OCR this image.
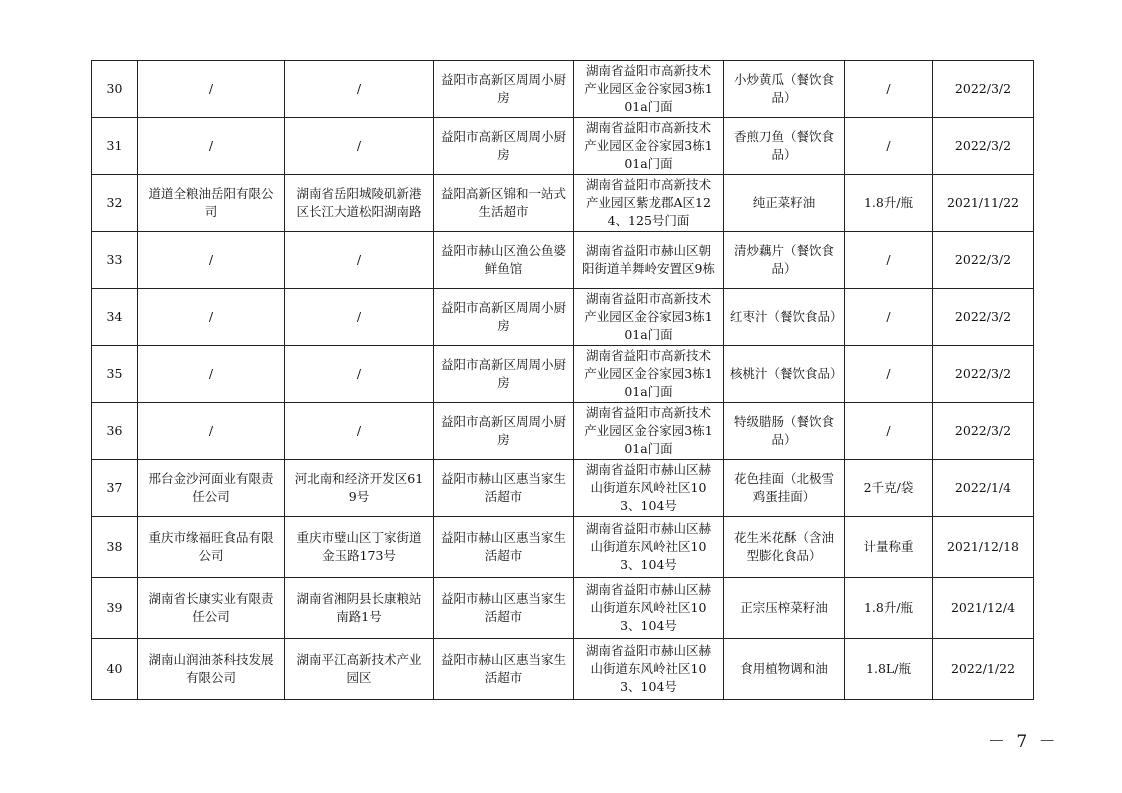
30	/	/	益阳市高新区周周小厨房	湖南省益阳市高新技术产业园区金谷家园3栋101a门面	小炒黄瓜（餐饮食品）	/	2022/3/2
31	/	/	益阳市高新区周周小厨房	湖南省益阳市高新技术产业园区金谷家园3栋101a门面	香煎刀鱼（餐饮食品）	/	2022/3/2
32	道道全粮油岳阳有限公司	湖南省岳阳城陵矶新港区长江大道松阳湖南路	益阳高新区锦和一站式生活超市	湖南省益阳市高新技术产业园区紫龙郡A区124、125号门面	纯正菜籽油	1.8升/瓶	2021/11/22
33	/	/	益阳市赫山区渔公鱼婆鲜鱼馆	湖南省益阳市赫山区朝阳街道羊舞岭安置区9栋	清炒藕片（餐饮食品）	/	2022/3/2
34	/	/	益阳市高新区周周小厨房	湖南省益阳市高新技术产业园区金谷家园3栋101a门面	红枣汁（餐饮食品）	/	2022/3/2
35	/	/	益阳市高新区周周小厨房	湖南省益阳市高新技术产业园区金谷家园3栋101a门面	核桃汁（餐饮食品）	/	2022/3/2
36	/	/	益阳市高新区周周小厨房	湖南省益阳市高新技术产业园区金谷家园3栋101a门面	特级腊肠（餐饮食品）	/	2022/3/2
37	邢台金沙河面业有限责任公司	河北南和经济开发区619号	益阳市赫山区惠当家生活超市	湖南省益阳市赫山区赫山街道东风岭社区103、104号	花色挂面（北极雪鸡蛋挂面）	2千克/袋	2022/1/4
38	重庆市缘福旺食品有限公司	重庆市璧山区丁家街道金玉路173号	益阳市赫山区惠当家生活超市	湖南省益阳市赫山区赫山街道东风岭社区103、104号	花生米花酥（含油型膨化食品）	计量称重	2021/12/18
39	湖南省长康实业有限责任公司	湖南省湘阴县长康粮站南路1号	益阳市赫山区惠当家生活超市	湖南省益阳市赫山区赫山街道东风岭社区103、104号	正宗压榨菜籽油	1.8升/瓶	2021/12/4
40	湖南山润油茶科技发展有限公司	湖南平江高新技术产业园区	益阳市赫山区惠当家生活超市	湖南省益阳市赫山区赫山街道东风岭社区103、104号	食用植物调和油	1.8L/瓶	2022/1/22
－ 7 －
